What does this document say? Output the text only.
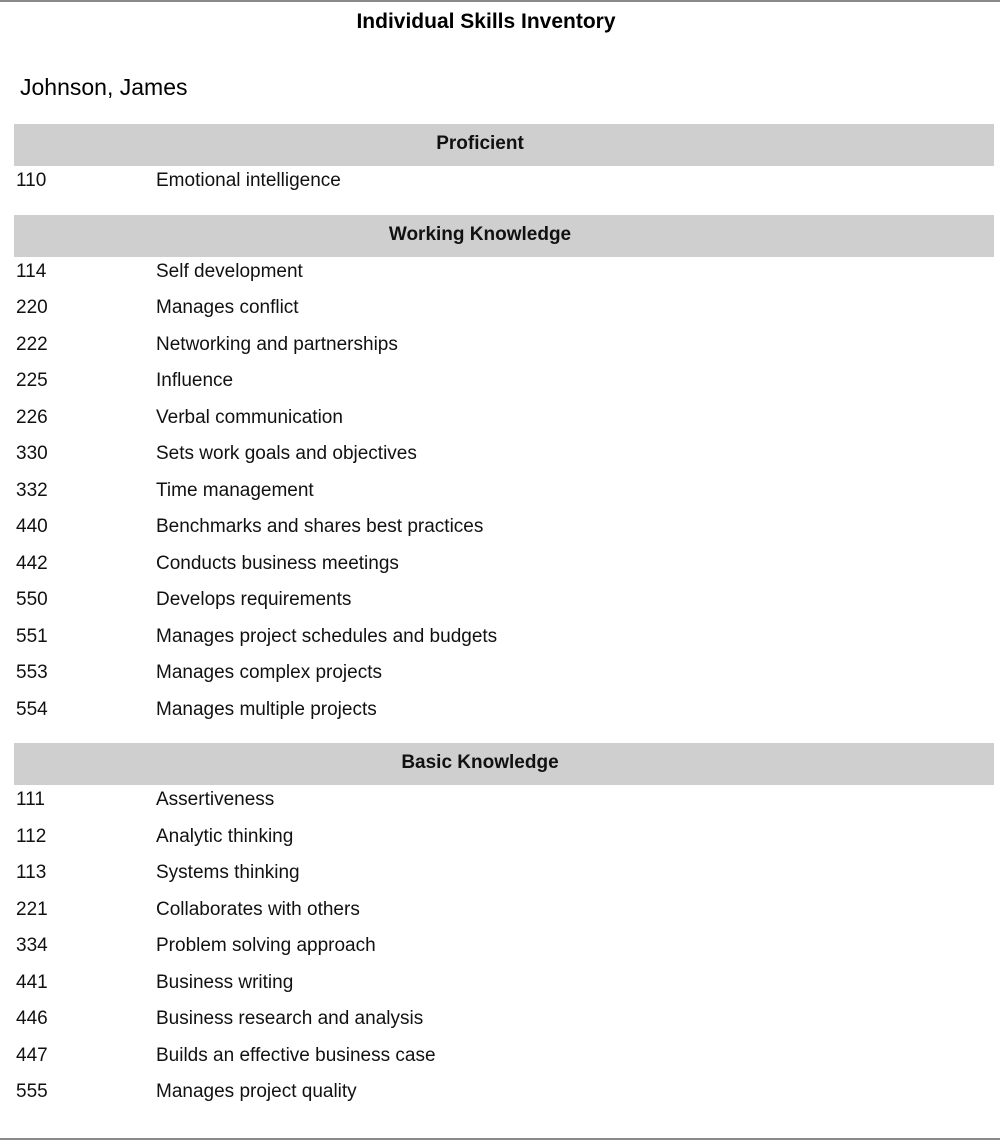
Individual Skills Inventory
Johnson, James
Proficient
110	Emotional intelligence
Working Knowledge
114	Self development
220	Manages conflict
222	Networking and partnerships
225	Influence
226	Verbal communication
330	Sets work goals and objectives
332	Time management
440	Benchmarks and shares best practices
442	Conducts business meetings
550	Develops requirements
551	Manages project schedules and budgets
553	Manages complex projects
554	Manages multiple projects
Basic Knowledge
111	Assertiveness
112	Analytic thinking
113	Systems thinking
221	Collaborates with others
334	Problem solving approach
441	Business writing
446	Business research and analysis
447	Builds an effective business case
555	Manages project quality
